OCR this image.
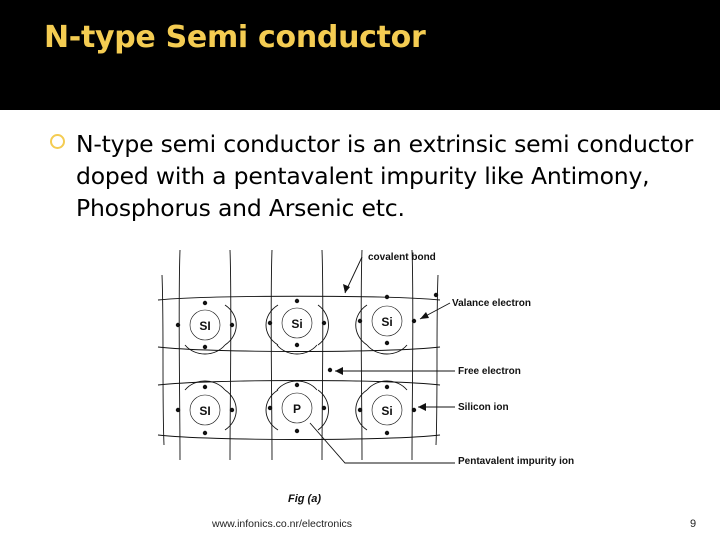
N-type Semi conductor
N-type semi conductor is an extrinsic semi conductor doped with a pentavalent impurity like Antimony, Phosphorus and Arsenic etc.
SI	Si	Si
SI	P	Si
covalent bond
Valance electron
Free electron
Silicon ion
Pentavalent impurity ion
Fig (a)
www.infonics.co.nr/electronics	9
